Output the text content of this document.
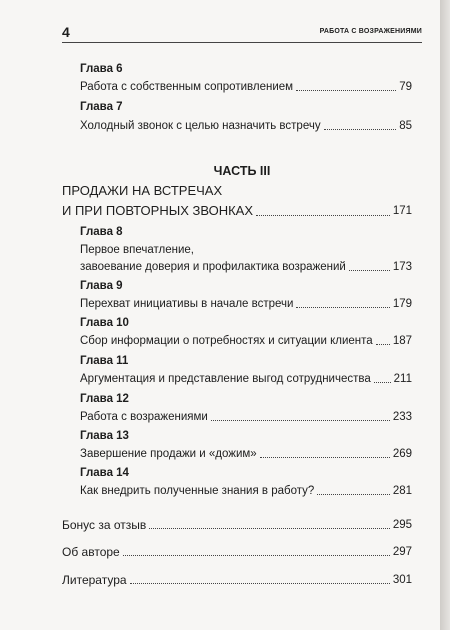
4	РАБОТА С ВОЗРАЖЕНИЯМИ
Глава 6
Работа с собственным сопротивлением	79
Глава 7
Холодный звонок с целью назначить встречу	85
ЧАСТЬ III
ПРОДАЖИ НА ВСТРЕЧАХ
И ПРИ ПОВТОРНЫХ ЗВОНКАХ	171
Глава 8
Первое впечатление,
завоевание доверия и профилактика возражений	173
Глава 9
Перехват инициативы в начале встречи	179
Глава 10
Сбор информации о потребностях и ситуации клиента 187
Глава 11
Аргументация и представление выгод сотрудничества 211
Глава 12
Работа с возражениями	233
Глава 13
Завершение продажи и «дожим»	269
Глава 14
Как внедрить полученные знания в работу?	281
Бонус за отзыв	295
Об авторе	297
Литература	301
